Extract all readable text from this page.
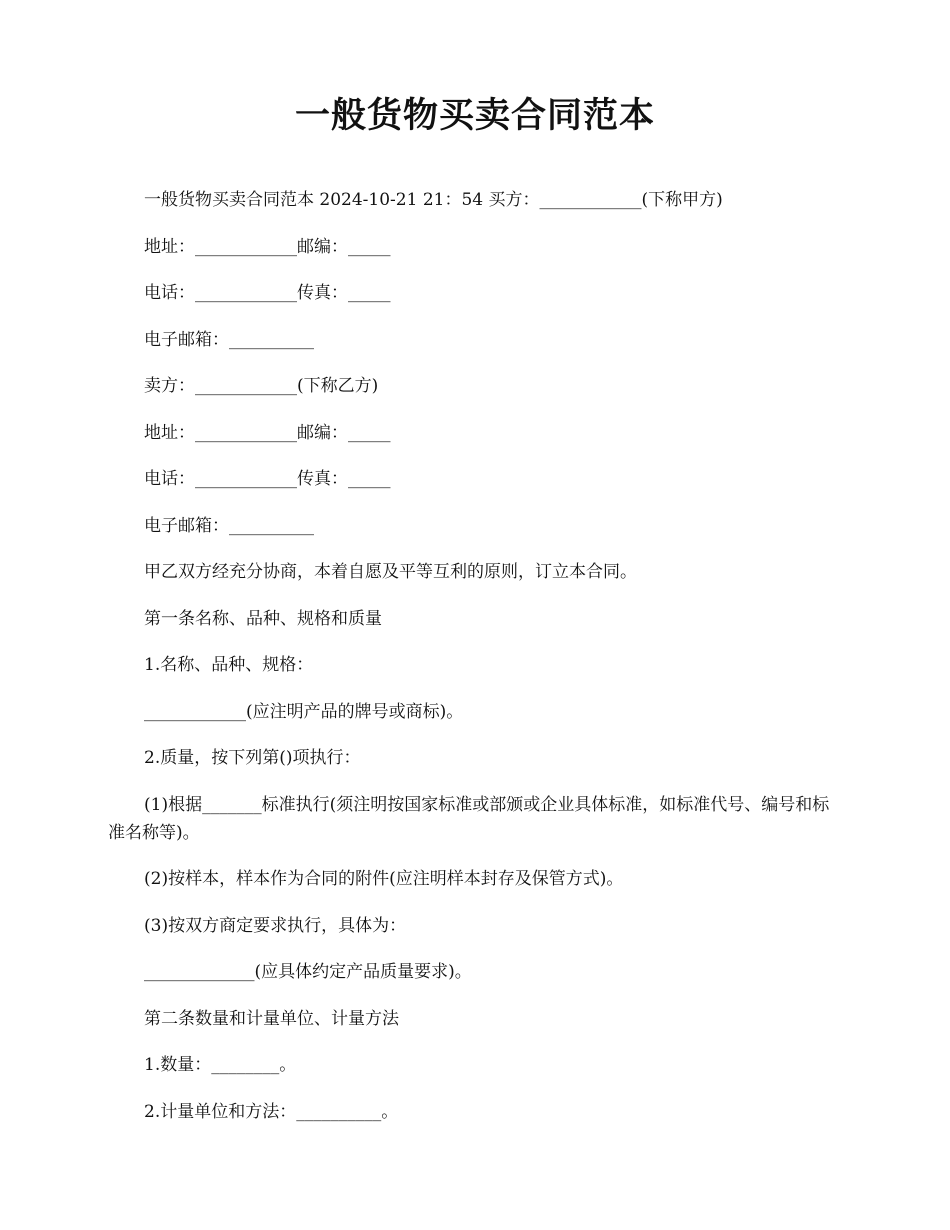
一般货物买卖合同范本

一般货物买卖合同范本 2024-10-21 21：54 买方：____________(下称甲方)

地址：____________邮编：_____

电话：____________传真：_____

电子邮箱：__________

卖方：____________(下称乙方)

地址：____________邮编：_____

电话：____________传真：_____

电子邮箱：__________

甲乙双方经充分协商，本着自愿及平等互利的原则，订立本合同。

第一条名称、品种、规格和质量

1.名称、品种、规格：

____________(应注明产品的牌号或商标)。

2.质量，按下列第()项执行：

(1)根据_______标准执行(须注明按国家标准或部颁或企业具体标准，如标准代号、编号和标准名称等)。

(2)按样本，样本作为合同的附件(应注明样本封存及保管方式)。

(3)按双方商定要求执行，具体为：

_____________(应具体约定产品质量要求)。

第二条数量和计量单位、计量方法

1.数量：________。

2.计量单位和方法：__________。
